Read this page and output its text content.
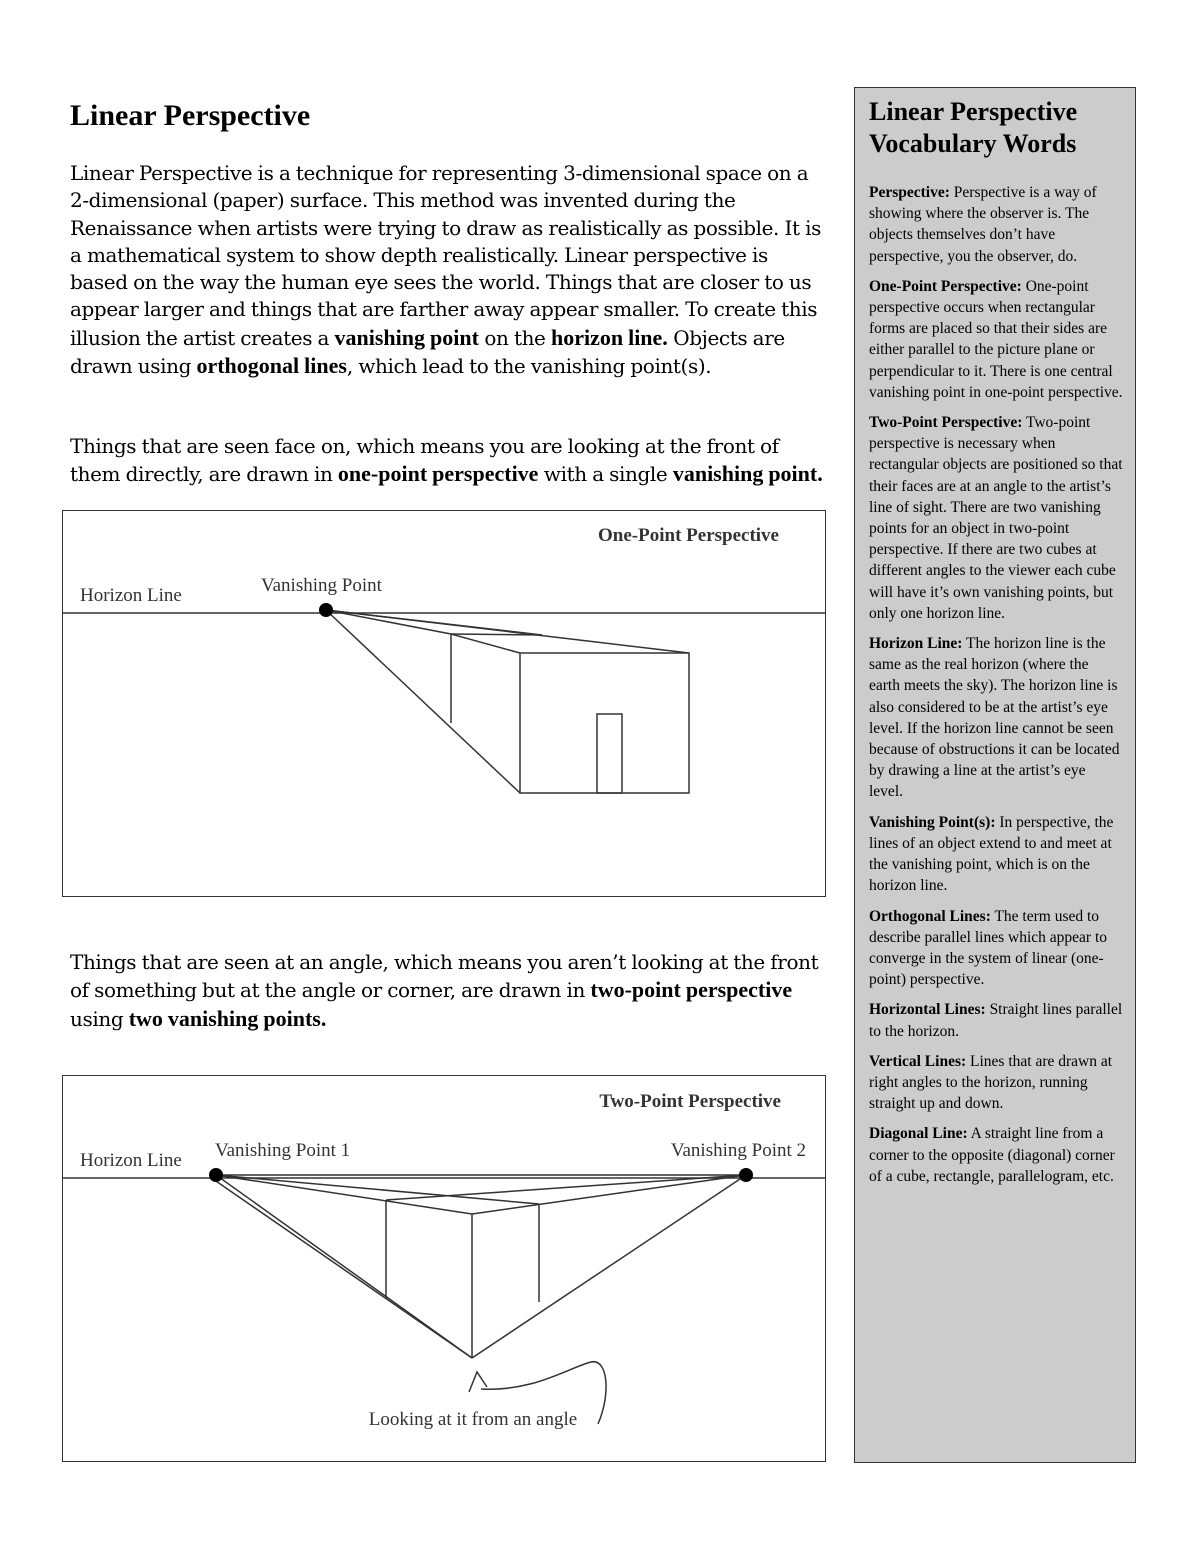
Linear Perspective

Linear Perspective is a technique for representing 3-dimensional space on a 2-dimensional (paper) surface. This method was invented during the Renaissance when artists were trying to draw as realistically as possible. It is a mathematical system to show depth realistically. Linear perspective is based on the way the human eye sees the world. Things that are closer to us appear larger and things that are farther away appear smaller. To create this illusion the artist creates a vanishing point on the horizon line. Objects are drawn using orthogonal lines, which lead to the vanishing point(s).

Things that are seen face on, which means you are looking at the front of them directly, are drawn in one-point perspective with a single vanishing point.

One-Point Perspective
Horizon Line	Vanishing Point

Things that are seen at an angle, which means you aren’t looking at the front of something but at the angle or corner, are drawn in two-point perspective using two vanishing points.

Two-Point Perspective
Horizon Line Vanishing Point 1	Vanishing Point 2
Looking at it from an angle
Linear Perspective
Vocabulary Words

Perspective: Perspective is a way of showing where the observer is. The objects themselves don’t have perspective, you the observer, do.

One-Point Perspective: One-point perspective occurs when rectangular forms are placed so that their sides are either parallel to the picture plane or perpendicular to it. There is one central vanishing point in one-point perspective.

Two-Point Perspective: Two-point perspective is necessary when rectangular objects are positioned so that their faces are at an angle to the artist’s line of sight. There are two vanishing points for an object in two-point perspective. If there are two cubes at different angles to the viewer each cube will have it’s own vanishing points, but only one horizon line.

Horizon Line: The horizon line is the same as the real horizon (where the earth meets the sky). The horizon line is also considered to be at the artist’s eye level. If the horizon line cannot be seen because of obstructions it can be located by drawing a line at the artist’s eye level.

Vanishing Point(s): In perspective, the lines of an object extend to and meet at the vanishing point, which is on the horizon line.

Orthogonal Lines: The term used to describe parallel lines which appear to converge in the system of linear (one-point) perspective.

Horizontal Lines: Straight lines parallel to the horizon.

Vertical Lines: Lines that are drawn at right angles to the horizon, running straight up and down.

Diagonal Line: A straight line from a corner to the opposite (diagonal) corner of a cube, rectangle, parallelogram, etc.
